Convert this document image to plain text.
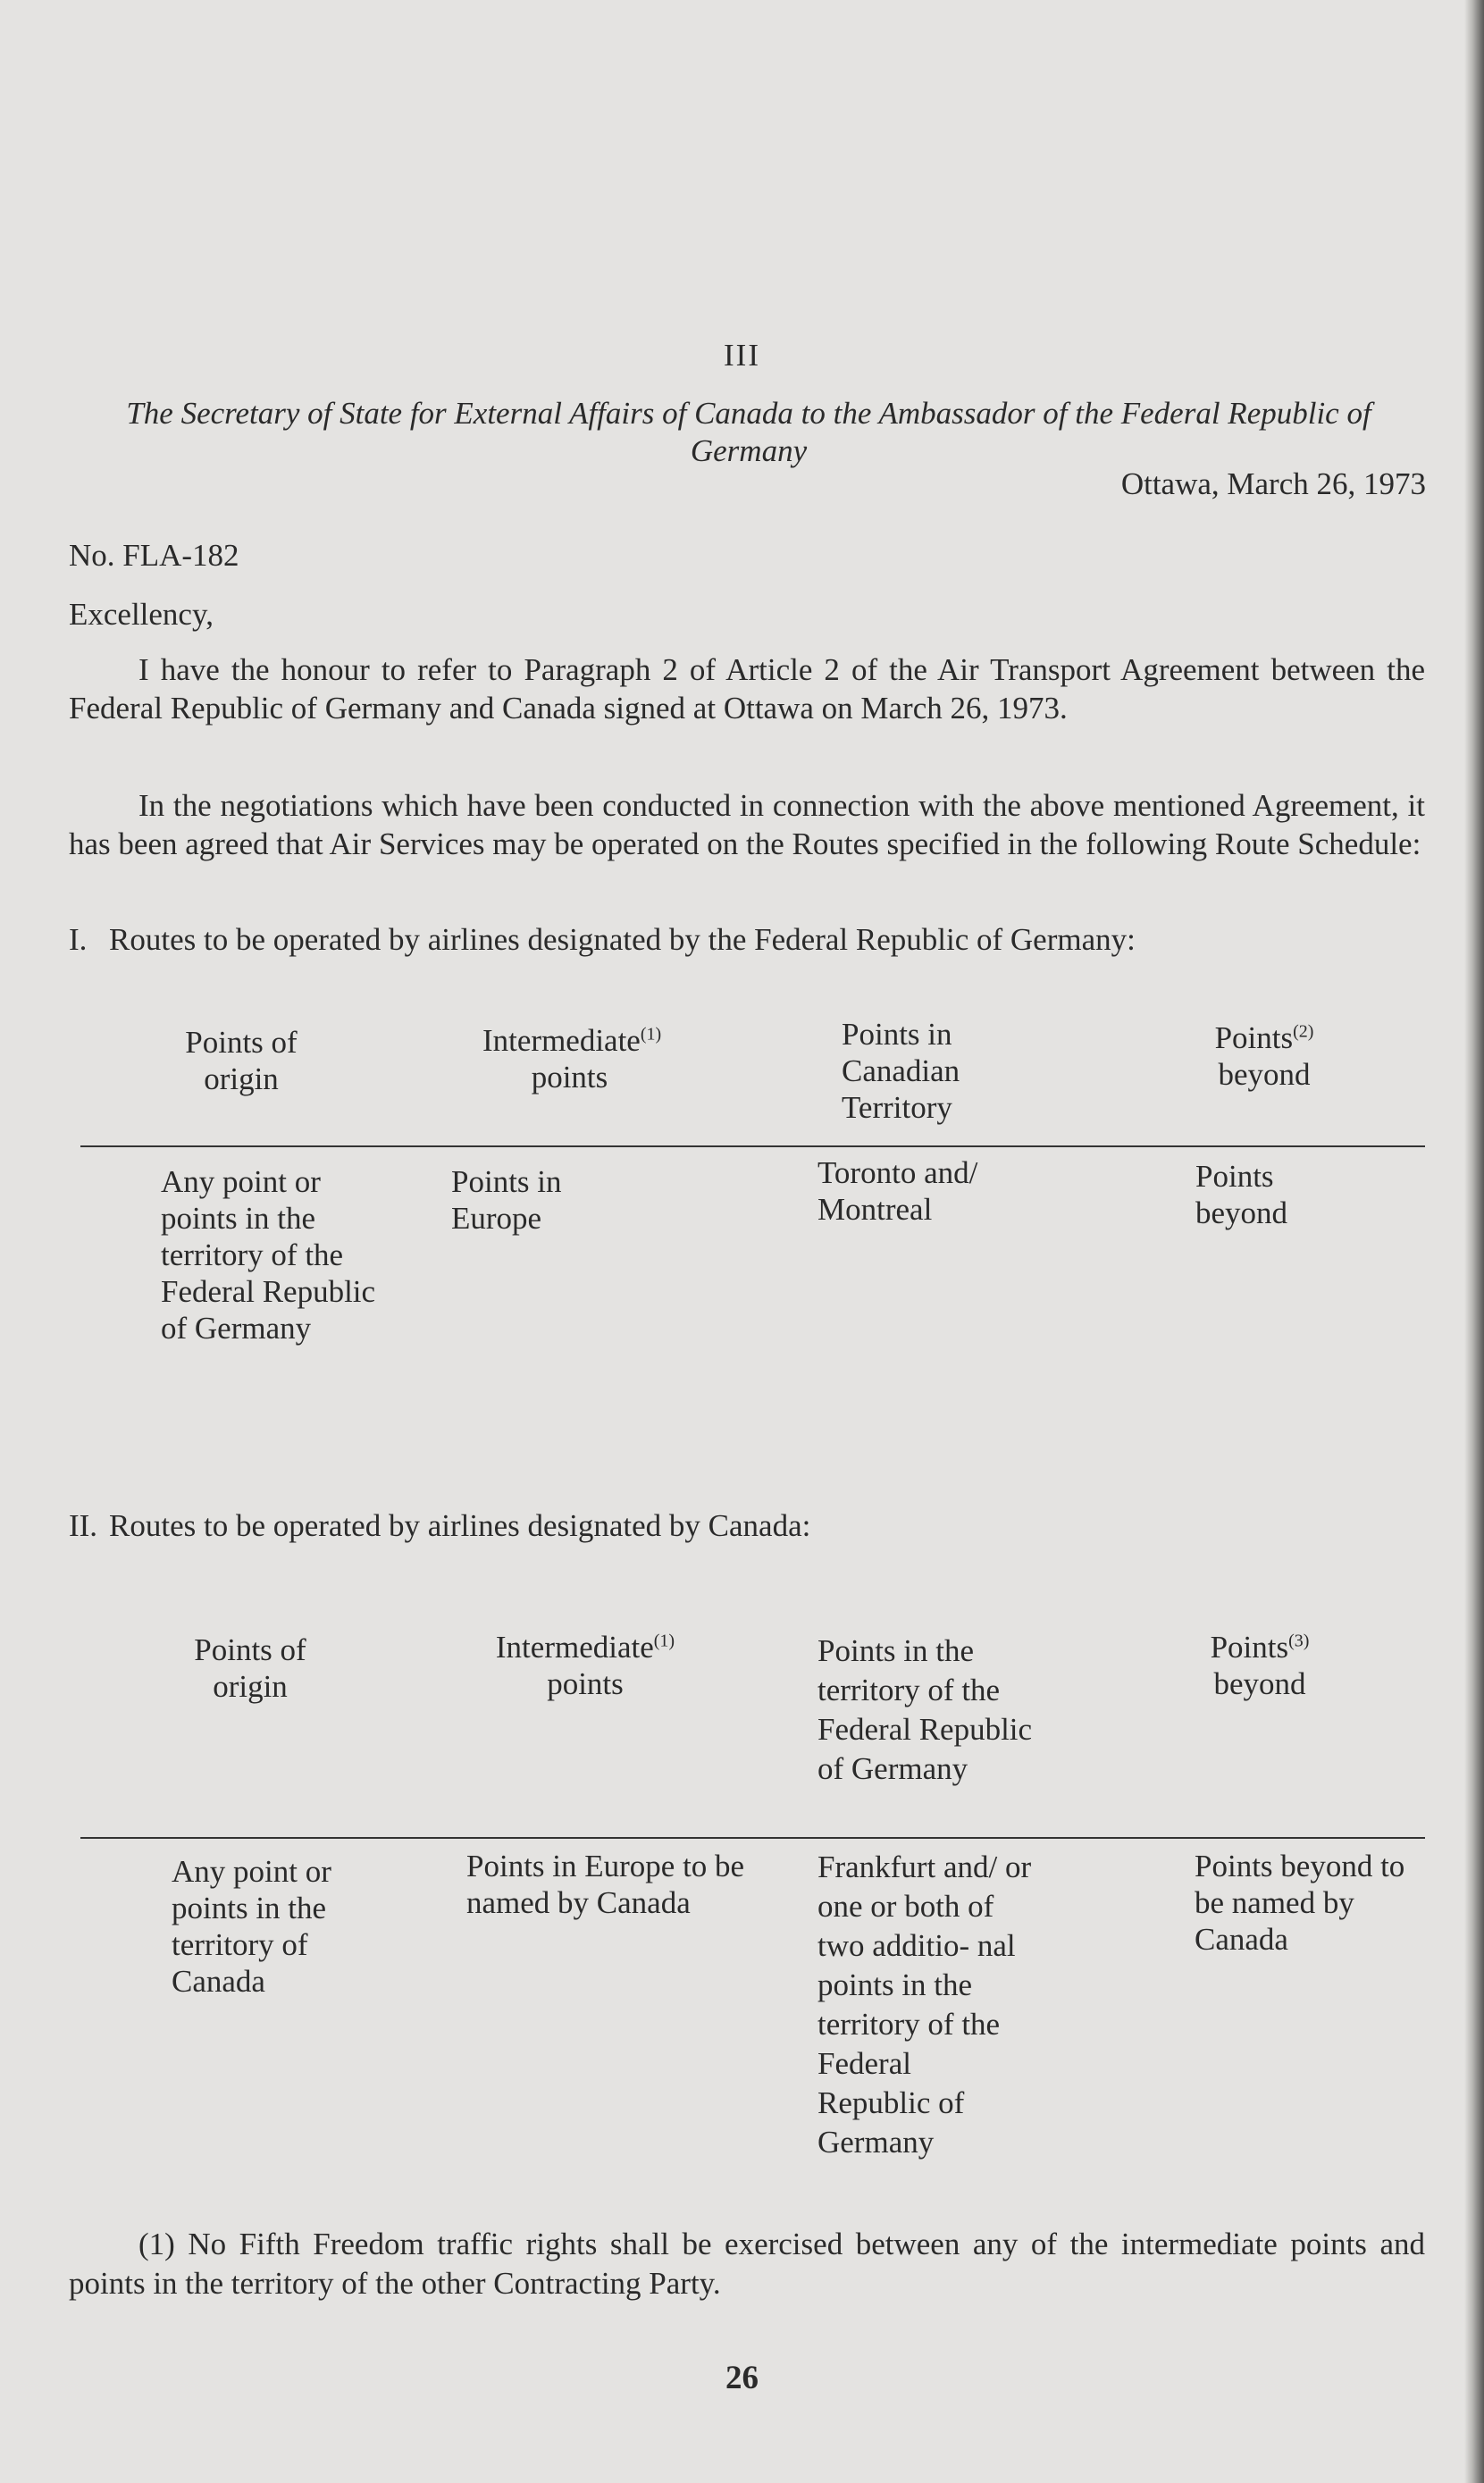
III
The Secretary of State for External Affairs of Canada to the Ambassador of the Federal Republic of Germany
Ottawa, March 26, 1973
No. FLA-182
Excellency,
I have the honour to refer to Paragraph 2 of Article 2 of the Air Transport Agreement between the Federal Republic of Germany and Canada signed at Ottawa on March 26, 1973.
In the negotiations which have been conducted in connection with the above mentioned Agreement, it has been agreed that Air Services may be operated on the Routes specified in the following Route Schedule:
I. Routes to be operated by airlines designated by the Federal Republic of Germany:
Points of origin
Intermediate$^{(1)}$
points
Points in Canadian Territory
Points$^{(2)}$
beyond
Any point or points in the territory of the Federal Republic of Germany
Points in Europe
Toronto and/ Montreal
Points beyond
II. Routes to be operated by airlines designated by Canada:
Points of origin
Intermediate$^{(1)}$
points
Points in the territory of the Federal Republic of Germany
Points$^{(3)}$
beyond
Any point or points in the territory of Canada
Points in Europe to be named by Canada
Frankfurt and/ or one or both of two additio- nal points in the territory of the Federal Republic of Germany
Points beyond to be named by Canada
(1) No Fifth Freedom traffic rights shall be exercised between any of the intermediate points and points in the territory of the other Contracting Party.
26
